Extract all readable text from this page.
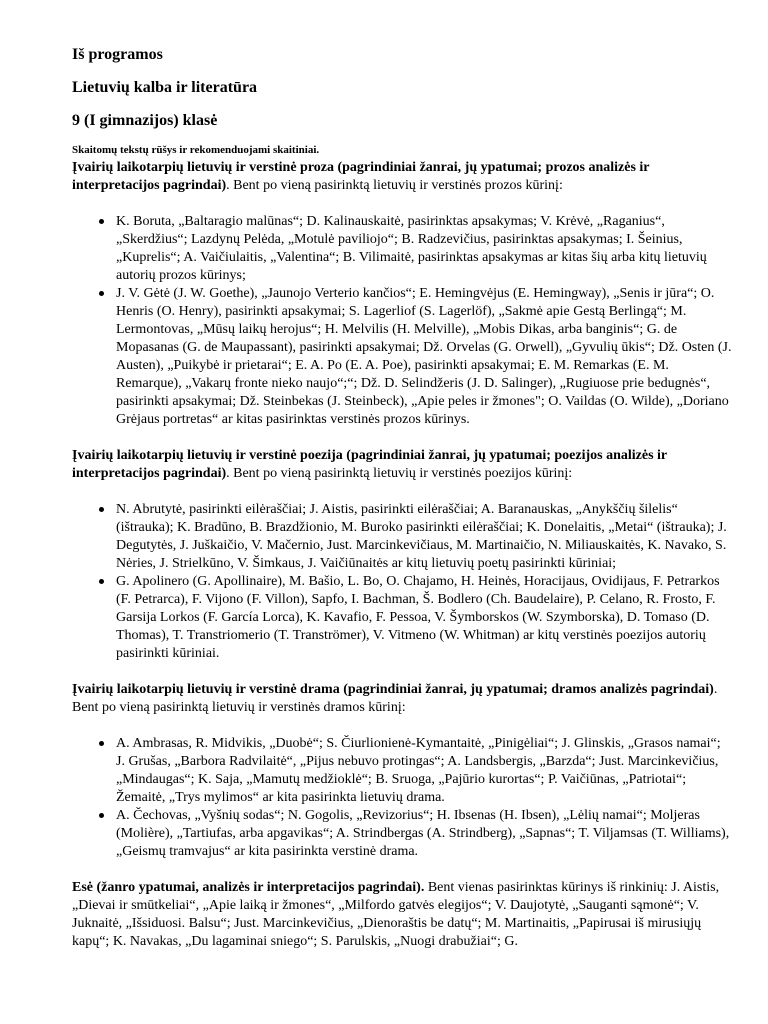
Iš programos
Lietuvių kalba ir literatūra
9 (I gimnazijos) klasė
Skaitomų tekstų rūšys ir rekomenduojami skaitiniai.

Įvairių laikotarpių lietuvių ir verstinė proza (pagrindiniai žanrai, jų ypatumai; prozos analizės ir interpretacijos pagrindai). Bent po vieną pasirinktą lietuvių ir verstinės prozos kūrinį:

K. Boruta, „Baltaragio malūnas“; D. Kalinauskaitė, pasirinktas apsakymas; V. Krėvė, „Raganius“, „Skerdžius“; Lazdynų Pelėda, „Motulė paviliojo“; B. Radzevičius, pasirinktas apsakymas; I. Šeinius, „Kuprelis“; A. Vaičiulaitis, „Valentina“; B. Vilimaitė, pasirinktas apsakymas ar kitas šių arba kitų lietuvių autorių prozos kūrinys;
J. V. Gėtė (J. W. Goethe), „Jaunojo Verterio kančios“; E. Hemingvėjus (E. Hemingway), „Senis ir jūra“; O. Henris (O. Henry), pasirinkti apsakymai; S. Lagerliof (S. Lagerlöf), „Sakmė apie Gestą Berlingą“; M. Lermontovas, „Mūsų laikų herojus“; H. Melvilis (H. Melville), „Mobis Dikas, arba banginis“; G. de Mopasanas (G. de Maupassant), pasirinkti apsakymai; Dž. Orvelas (G. Orwell), „Gyvulių ūkis“; Dž. Osten (J. Austen), „Puikybė ir prietarai“; E. A. Po (E. A. Poe), pasirinkti apsakymai; E. M. Remarkas (E. M. Remarque), „Vakarų fronte nieko naujo“;“; Dž. D. Selindžeris (J. D. Salinger), „Rugiuose prie bedugnės“, pasirinkti apsakymai; Dž. Steinbekas (J. Steinbeck), „Apie peles ir žmones"; O. Vaildas (O. Wilde), „Doriano Grėjaus portretas“ ar kitas pasirinktas verstinės prozos kūrinys.

Įvairių laikotarpių lietuvių ir verstinė poezija (pagrindiniai žanrai, jų ypatumai; poezijos analizės ir interpretacijos pagrindai). Bent po vieną pasirinktą lietuvių ir verstinės poezijos kūrinį:

N. Abrutytė, pasirinkti eilėraščiai; J. Aistis, pasirinkti eilėraščiai; A. Baranauskas, „Anykščių šilelis“ (ištrauka); K. Bradūno, B. Brazdžionio, M. Buroko pasirinkti eilėraščiai; K. Donelaitis, „Metai“ (ištrauka); J. Degutytės, J. Juškaičio, V. Mačernio, Just. Marcinkevičiaus, M. Martinaičio, N. Miliauskaitės, K. Navako, S. Nėries, J. Strielkūno, V. Šimkaus, J. Vaičiūnaitės ar kitų lietuvių poetų pasirinkti kūriniai;
G. Apolinero (G. Apollinaire), M. Bašio, L. Bo, O. Chajamo, H. Heinės, Horacijaus, Ovidijaus, F. Petrarkos (F. Petrarca), F. Vijono (F. Villon), Sapfo, I. Bachman, Š. Bodlero (Ch. Baudelaire), P. Celano, R. Frosto, F. Garsija Lorkos (F. García Lorca), K. Kavafio, F. Pessoa, V. Šymborskos (W. Szymborska), D. Tomaso (D. Thomas), T. Transtriomerio (T. Tranströmer), V. Vitmeno (W. Whitman) ar kitų verstinės poezijos autorių pasirinkti kūriniai.

Įvairių laikotarpių lietuvių ir verstinė drama (pagrindiniai žanrai, jų ypatumai; dramos analizės pagrindai). Bent po vieną pasirinktą lietuvių ir verstinės dramos kūrinį:

A. Ambrasas, R. Midvikis, „Duobė“; S. Čiurlionienė-Kymantaitė, „Pinigėliai“; J. Glinskis, „Grasos namai“; J. Grušas, „Barbora Radvilaitė“, „Pijus nebuvo protingas“; A. Landsbergis, „Barzda“; Just. Marcinkevičius, „Mindaugas“; K. Saja, „Mamutų medžioklė“; B. Sruoga, „Pajūrio kurortas“; P. Vaičiūnas, „Patriotai“; Žemaitė, „Trys mylimos“ ar kita pasirinkta lietuvių drama.
A. Čechovas, „Vyšnių sodas“; N. Gogolis, „Revizorius“; H. Ibsenas (H. Ibsen), „Lėlių namai“; Moljeras (Molière), „Tartiufas, arba apgavikas“; A. Strindbergas (A. Strindberg), „Sapnas“; T. Viljamsas (T. Williams), „Geismų tramvajus“ ar kita pasirinkta verstinė drama.

Esė (žanro ypatumai, analizės ir interpretacijos pagrindai). Bent vienas pasirinktas kūrinys iš rinkinių: J. Aistis, „Dievai ir smūtkeliai“, „Apie laiką ir žmones“, „Milfordo gatvės elegijos“; V. Daujotytė, „Sauganti sąmonė“; V. Juknaitė, „Išsiduosi. Balsu“; Just. Marcinkevičius, „Dienoraštis be datų“; M. Martinaitis, „Papirusai iš mirusiųjų kapų“; K. Navakas, „Du lagaminai sniego“; S. Parulskis, „Nuogi drabužiai“; G.
